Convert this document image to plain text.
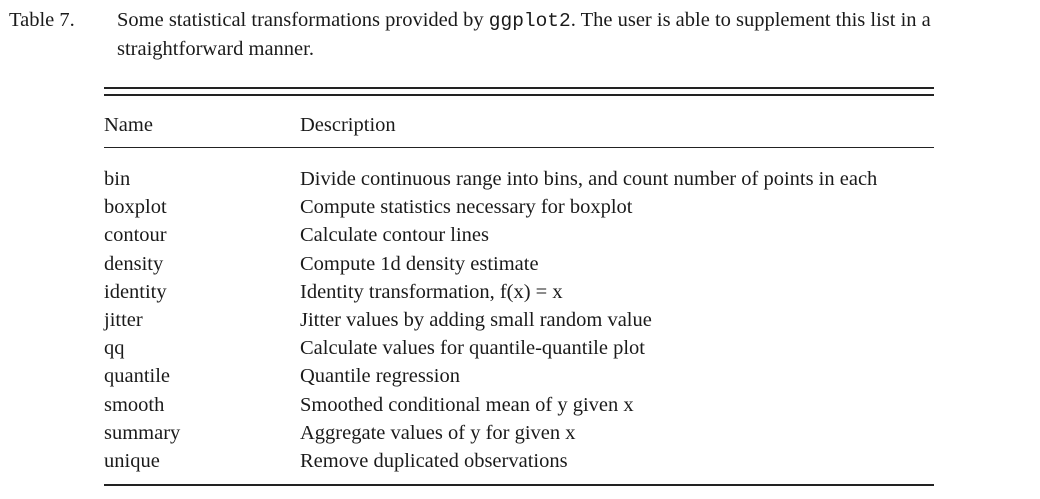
Table 7. Some statistical transformations provided by ggplot2. The user is able to supplement this list in a straightforward manner.
Name	Description
bin	Divide continuous range into bins, and count number of points in each
boxplot	Compute statistics necessary for boxplot
contour	Calculate contour lines
density	Compute 1d density estimate
identity	Identity transformation, f(x) = x
jitter	Jitter values by adding small random value
qq	Calculate values for quantile-quantile plot
quantile	Quantile regression
smooth	Smoothed conditional mean of y given x
summary	Aggregate values of y for given x
unique	Remove duplicated observations
